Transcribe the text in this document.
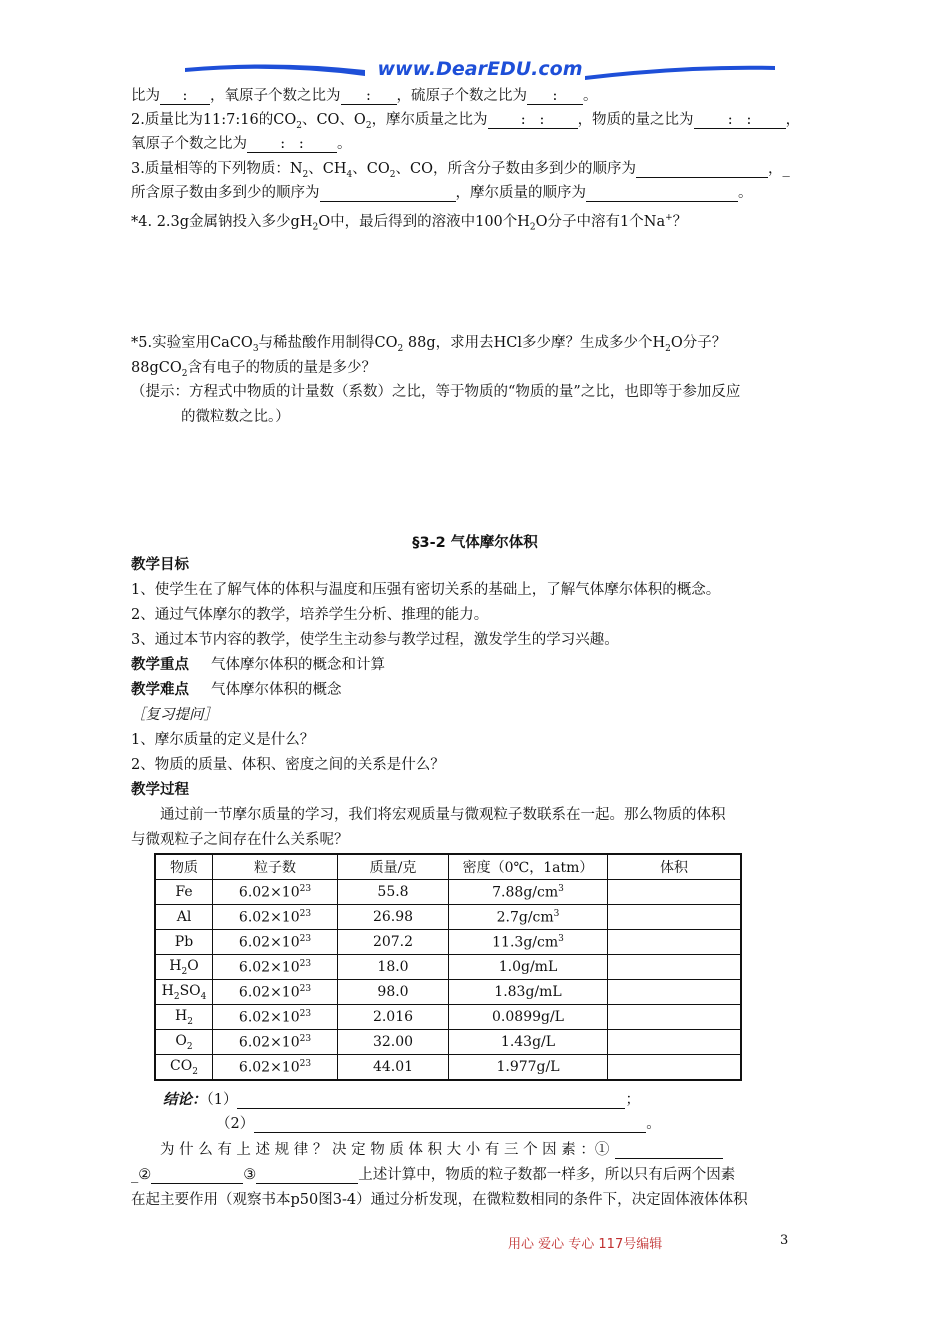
www.DearEDU.com
比为 : ，氧原子个数之比为 : ，硫原子个数之比为 : 。
2.质量比为11:7:16的$CO_2$、CO、$O_2$，摩尔质量之比为 : : ，物质的量之比为 : : ，
氧原子个数之比为 : : 。
3.质量相等的下列物质：$N_2$、$CH_4$、$CO_2$、CO，所含分子数由多到少的顺序为	，_
所含原子数由多到少的顺序为	，摩尔质量的顺序为	。
*4. 2.3g金属钠投入多少$gH_2O$中，最后得到的溶液中100个$H_2O$分子中溶有1个Na+？
*5.实验室用CaCO$_3$与稀盐酸作用制得$CO_2$ 88g，求用去HCl多少摩？生成多少个$H_2O$分子？
88gCO$_2$含有电子的物质的量是多少？
（提示：方程式中物质的计量数（系数）之比，等于物质的“物质的量”之比，也即等于参加反应
的微粒数之比。）
§3-2 气体摩尔体积
教学目标
1、使学生在了解气体的体积与温度和压强有密切关系的基础上，了解气体摩尔体积的概念。
2、通过气体摩尔的教学，培养学生分析、推理的能力。
3、通过本节内容的教学，使学生主动参与教学过程，激发学生的学习兴趣。
教学重点 气体摩尔体积的概念和计算
教学难点 气体摩尔体积的概念
［复习提问］
1、摩尔质量的定义是什么？
2、物质的质量、体积、密度之间的关系是什么？
教学过程
通过前一节摩尔质量的学习，我们将宏观质量与微观粒子数联系在一起。那么物质的体积
与微观粒子之间存在什么关系呢？
物质	粒子数	质量/克	密度（0℃，1atm）	体积
Fe	$6.02\times 10^{23}$	55.8	$7.88g/cm^3$	
Al	$6.02\times 10^{23}$	26.98	$2.7g/cm^3$	
Pb	$6.02\times 10^{23}$	207.2	$11.3g/cm^3$	
$H_2O$	$6.02\times 10^{23}$	18.0	1.0g/mL	
$H_2SO_4$	$6.02\times 10^{23}$	98.0	1.83g/mL	
$H_2$	$6.02\times 10^{23}$	2.016	0.0899g/L	
$O_2$	$6.02\times 10^{23}$	32.00	1.43g/L	
$CO_2$	$6.02\times 10^{23}$	44.01	1.977g/L	
结论：（1）	；
（2）	。
为 什 么 有 上 述 规 律 ？ 决 定 物 质 体 积 大 小 有 三 个 因 素 ：①
_②	③	上述计算中，物质的粒子数都一样多，所以只有后两个因素
在起主要作用（观察书本p50图3-4）通过分析发现，在微粒数相同的条件下，决定固体液体体积
用心 爱心 专心 117号编辑	3
